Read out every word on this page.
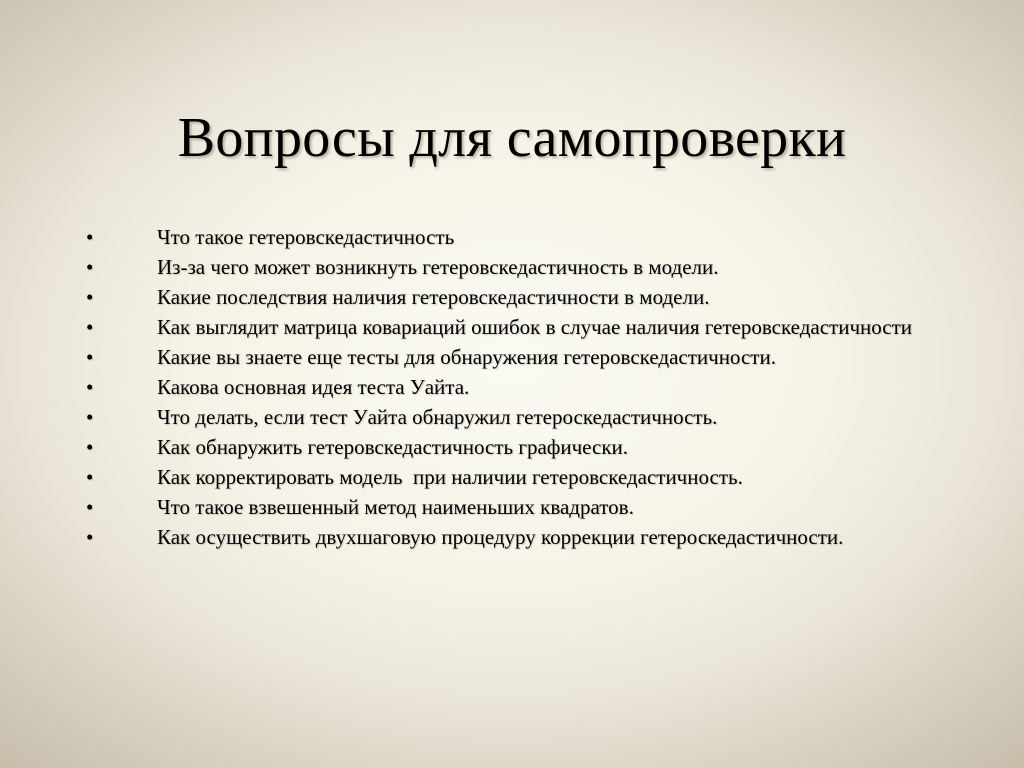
Вопросы для самопроверки
•	Что такое гетеровскедастичность
•	Из-за чего может возникнуть гетеровскедастичность в модели.
•	Какие последствия наличия гетеровскедастичности в модели.
•	Как выглядит матрица ковариаций ошибок в случае наличия гетеровскедастичности
•	Какие вы знаете еще тесты для обнаружения гетеровскедастичности.
•	Какова основная идея теста Уайта.
•	Что делать, если тест Уайта обнаружил гетероскедастичность.
•	Как обнаружить гетеровскедастичность графически.
•	Как корректировать модель  при наличии гетеровскедастичность.
•	Что такое взвешенный метод наименьших квадратов.
•	Как осуществить двухшаговую процедуру коррекции гетероскедастичности.
